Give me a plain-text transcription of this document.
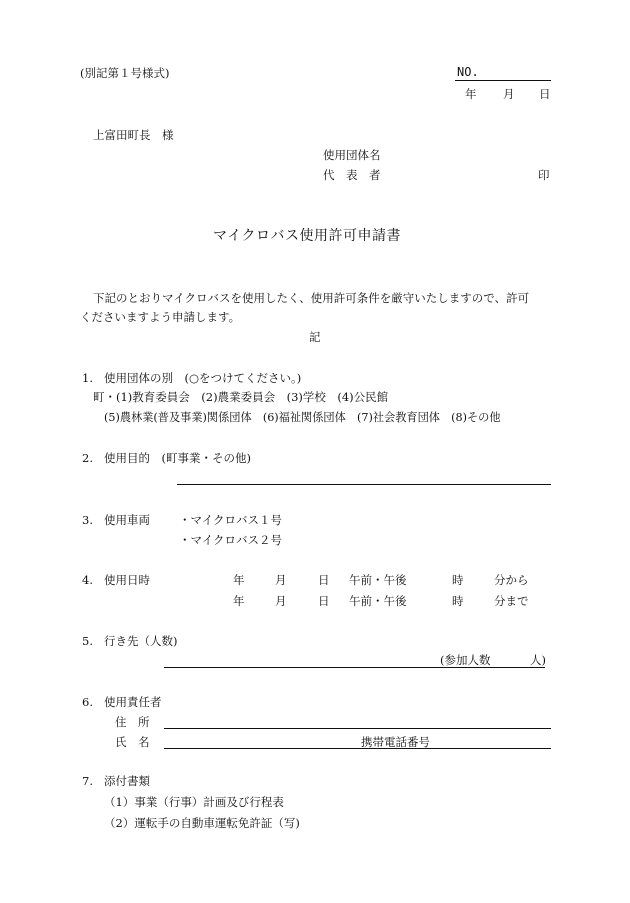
(別記第１号様式)	NO.
年 月 日
上富田町長　様
使用団体名
代　表　者	印
マイクロバス使用許可申請書
下記のとおりマイクロバスを使用したく、使用許可条件を厳守いたしますので、許可
くださいますよう申請します。
記
1. 使用団体の別　(○をつけてください。)
町・(1)教育委員会　(2)農業委員会　(3)学校　(4)公民館
(5)農林業(普及事業)関係団体　(6)福祉関係団体　(7)社会教育団体　(8)その他
2. 使用目的　(町事業・その他)
3. 使用車両	・マイクロバス１号
・マイクロバス２号
4. 使用日時	年	月	日 午前・午後	時	分から
年	月	日 午前・午後	時	分まで
5. 行き先（人数)
(参加人数	人)
6. 使用責任者
住　所
氏　名	携帯電話番号
7. 添付書類
（1）事業（行事）計画及び行程表
（2）運転手の自動車運転免許証（写)
